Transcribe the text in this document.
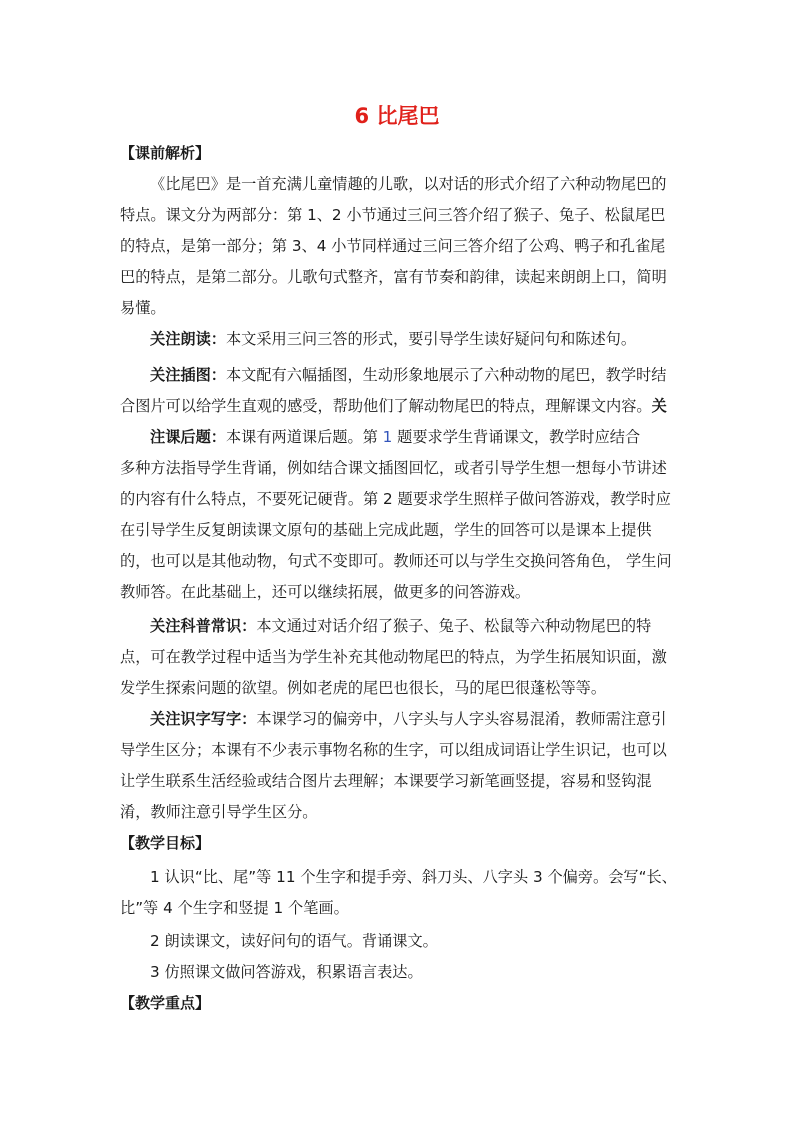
6 比尾巴
【课前解析】

《比尾巴》是一首充满儿童情趣的儿歌，以对话的形式介绍了六种动物尾巴的特点。课文分为两部分：第 1、2 小节通过三问三答介绍了猴子、兔子、松鼠尾巴的特点，是第一部分；第 3、4 小节同样通过三问三答介绍了公鸡、鸭子和孔雀尾巴的特点，是第二部分。儿歌句式整齐，富有节奏和韵律，读起来朗朗上口，简明易懂。

关注朗读：本文采用三问三答的形式，要引导学生读好疑问句和陈述句。

关注插图：本文配有六幅插图，生动形象地展示了六种动物的尾巴，教学时结合图片可以给学生直观的感受，帮助他们了解动物尾巴的特点，理解课文内容。关

注课后题：本课有两道课后题。第 1 题要求学生背诵课文，教学时应结合

多种方法指导学生背诵，例如结合课文插图回忆，或者引导学生想一想每小节讲述的内容有什么特点，不要死记硬背。第 2 题要求学生照样子做问答游戏，教学时应在引导学生反复朗读课文原句的基础上完成此题，学生的回答可以是课本上提供的，也可以是其他动物，句式不变即可。教师还可以与学生交换问答角色， 学生问教师答。在此基础上，还可以继续拓展，做更多的问答游戏。

关注科普常识：本文通过对话介绍了猴子、兔子、松鼠等六种动物尾巴的特点，可在教学过程中适当为学生补充其他动物尾巴的特点，为学生拓展知识面，激发学生探索问题的欲望。例如老虎的尾巴也很长，马的尾巴很蓬松等等。

关注识字写字：本课学习的偏旁中，八字头与人字头容易混淆，教师需注意引导学生区分；本课有不少表示事物名称的生字，可以组成词语让学生识记，也可以让学生联系生活经验或结合图片去理解；本课要学习新笔画竖提，容易和竖钩混淆，教师注意引导学生区分。

【教学目标】

1 认识“比、尾”等 11 个生字和提手旁、斜刀头、八字头 3 个偏旁。会写“长、比”等 4 个生字和竖提 1 个笔画。

2 朗读课文，读好问句的语气。背诵课文。

3 仿照课文做问答游戏，积累语言表达。

【教学重点】
